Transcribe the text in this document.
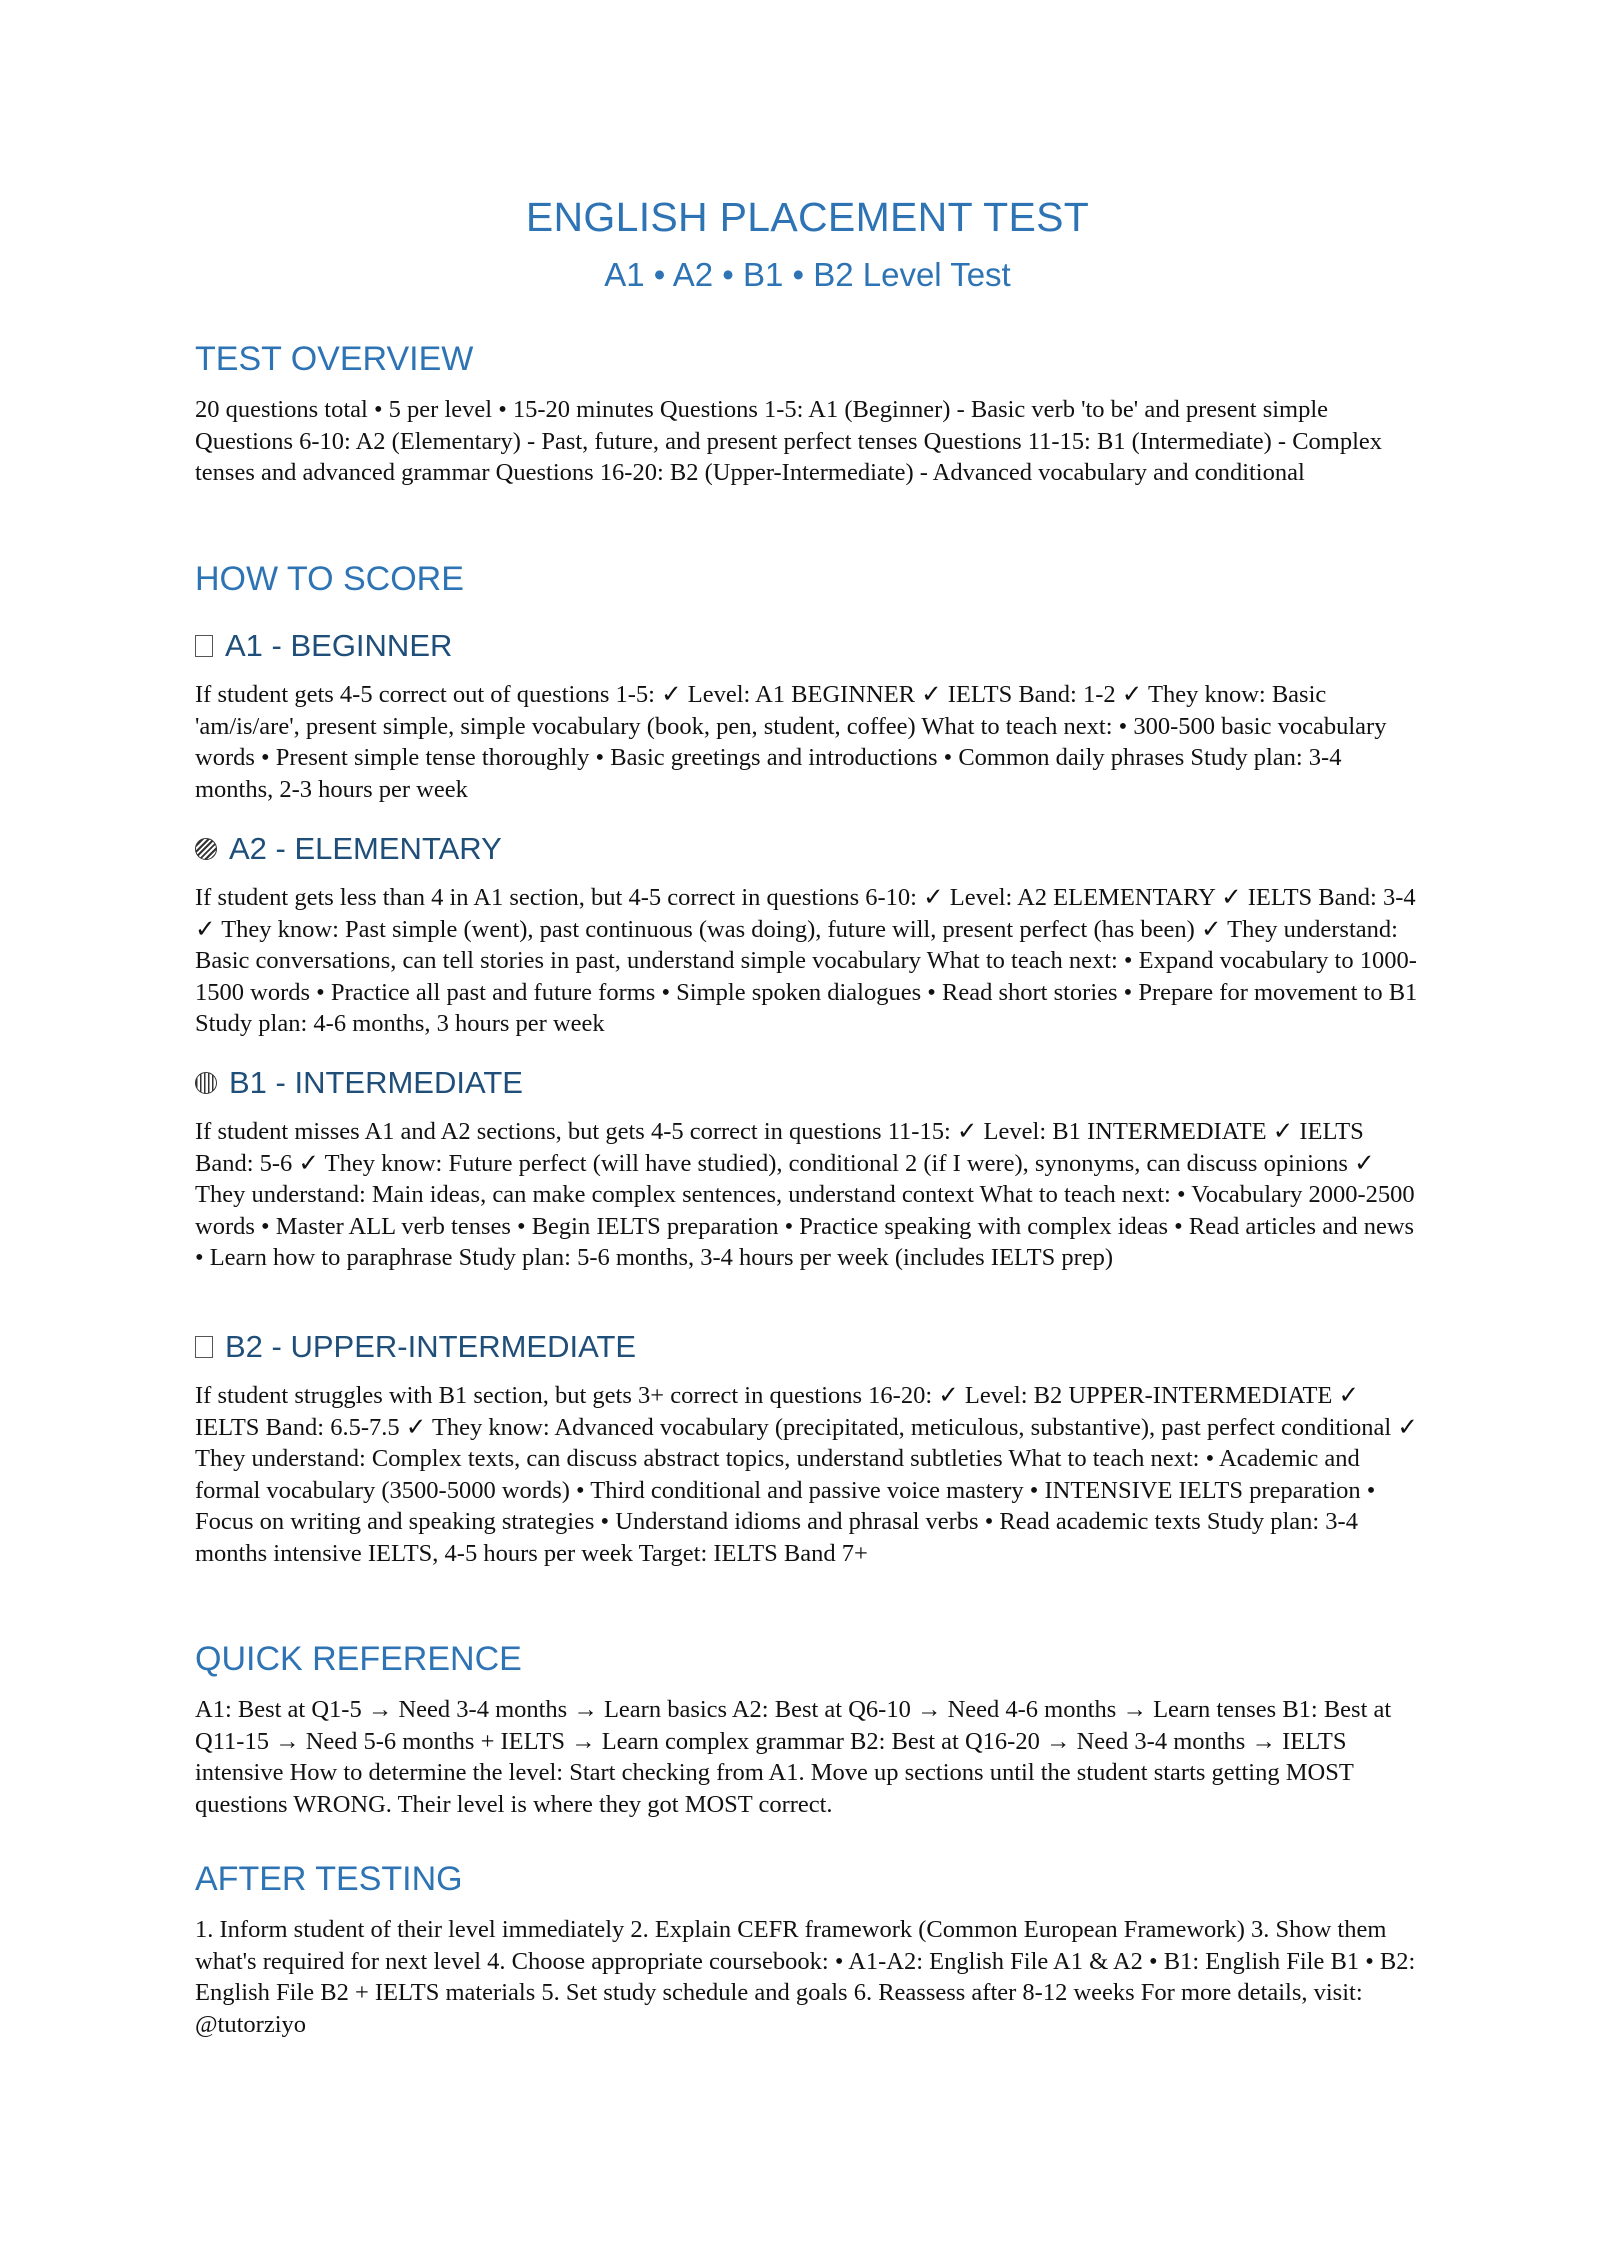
ENGLISH PLACEMENT TEST
A1 • A2 • B1 • B2 Level Test
TEST OVERVIEW

20 questions total • 5 per level • 15-20 minutes Questions 1-5: A1 (Beginner) - Basic verb 'to be' and present simple Questions 6-10: A2 (Elementary) - Past, future, and present perfect tenses Questions 11-15: B1 (Intermediate) - Complex tenses and advanced grammar Questions 16-20: B2 (Upper-Intermediate) - Advanced vocabulary and conditional

HOW TO SCORE
A1 - BEGINNER

If student gets 4-5 correct out of questions 1-5: ✓ Level: A1 BEGINNER ✓ IELTS Band: 1-2 ✓ They know: Basic 'am/is/are', present simple, simple vocabulary (book, pen, student, coffee) What to teach next: • 300-500 basic vocabulary words • Present simple tense thoroughly • Basic greetings and introductions • Common daily phrases Study plan: 3-4 months, 2-3 hours per week

A2 - ELEMENTARY

If student gets less than 4 in A1 section, but 4-5 correct in questions 6-10: ✓ Level: A2 ELEMENTARY ✓ IELTS Band: 3-4 ✓ They know: Past simple (went), past continuous (was doing), future will, present perfect (has been) ✓ They understand: Basic conversations, can tell stories in past, understand simple vocabulary What to teach next: • Expand vocabulary to 1000-1500 words • Practice all past and future forms • Simple spoken dialogues • Read short stories • Prepare for movement to B1 Study plan: 4-6 months, 3 hours per week

B1 - INTERMEDIATE

If student misses A1 and A2 sections, but gets 4-5 correct in questions 11-15: ✓ Level: B1 INTERMEDIATE ✓ IELTS Band: 5-6 ✓ They know: Future perfect (will have studied), conditional 2 (if I were), synonyms, can discuss opinions ✓ They understand: Main ideas, can make complex sentences, understand context What to teach next: • Vocabulary 2000-2500 words • Master ALL verb tenses • Begin IELTS preparation • Practice speaking with complex ideas • Read articles and news • Learn how to paraphrase Study plan: 5-6 months, 3-4 hours per week (includes IELTS prep)

B2 - UPPER-INTERMEDIATE

If student struggles with B1 section, but gets 3+ correct in questions 16-20: ✓ Level: B2 UPPER-INTERMEDIATE ✓ IELTS Band: 6.5-7.5 ✓ They know: Advanced vocabulary (precipitated, meticulous, substantive), past perfect conditional ✓ They understand: Complex texts, can discuss abstract topics, understand subtleties What to teach next: • Academic and formal vocabulary (3500-5000 words) • Third conditional and passive voice mastery • INTENSIVE IELTS preparation • Focus on writing and speaking strategies • Understand idioms and phrasal verbs • Read academic texts Study plan: 3-4 months intensive IELTS, 4-5 hours per week Target: IELTS Band 7+

QUICK REFERENCE

A1: Best at Q1-5 → Need 3-4 months → Learn basics A2: Best at Q6-10 → Need 4-6 months → Learn tenses B1: Best at Q11-15 → Need 5-6 months + IELTS → Learn complex grammar B2: Best at Q16-20 → Need 3-4 months → IELTS intensive How to determine the level: Start checking from A1. Move up sections until the student starts getting MOST questions WRONG. Their level is where they got MOST correct.

AFTER TESTING

1. Inform student of their level immediately 2. Explain CEFR framework (Common European Framework) 3. Show them what's required for next level 4. Choose appropriate coursebook: • A1-A2: English File A1 & A2 • B1: English File B1 • B2: English File B2 + IELTS materials 5. Set study schedule and goals 6. Reassess after 8-12 weeks For more details, visit: @tutorziyo
